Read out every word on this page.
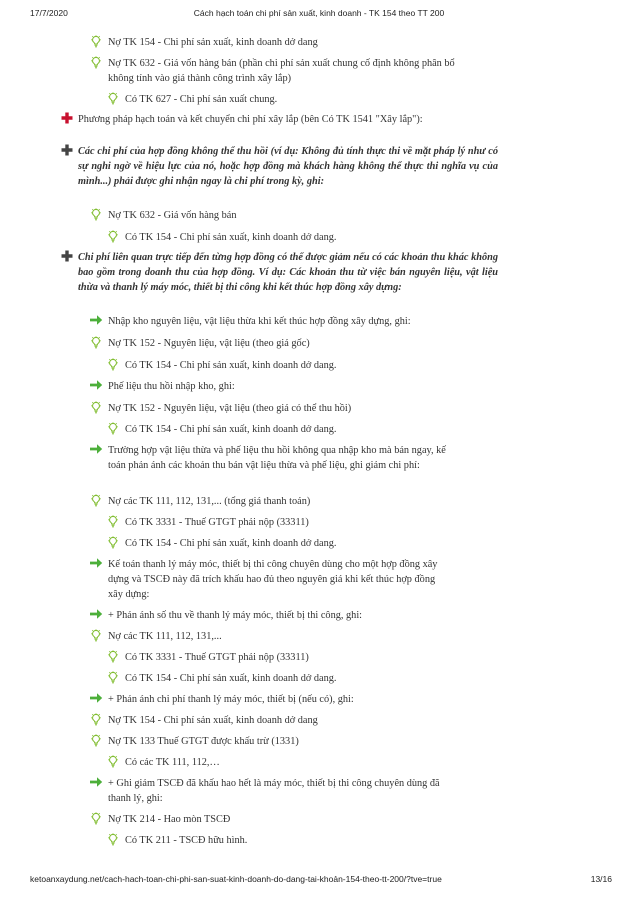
17/7/2020	Cách hạch toán chi phí sản xuất, kinh doanh - TK 154 theo TT 200
Nợ TK 154 - Chi phí sản xuất, kinh doanh dở dang
Nợ TK 632 - Giá vốn hàng bán (phần chi phí sản xuất chung cố định không phân bổ không tính vào giá thành công trình xây lắp)
Có TK 627 - Chi phí sản xuất chung.
Phương pháp hạch toán và kết chuyển chi phí xây lắp (bên Có TK 1541 "Xây lắp"):
Các chi phí của hợp đồng không thể thu hồi (ví dụ: Không đủ tính thực thi về mặt pháp lý như có sự nghi ngờ về hiệu lực của nó, hoặc hợp đồng mà khách hàng không thể thực thi nghĩa vụ của mình...) phải được ghi nhận ngay là chi phí trong kỳ, ghi:
Nợ TK 632 - Giá vốn hàng bán
Có TK 154 - Chi phí sản xuất, kinh doanh dở dang.
Chi phí liên quan trực tiếp đến từng hợp đồng có thể được giảm nếu có các khoản thu khác không bao gồm trong doanh thu của hợp đồng. Ví dụ: Các khoản thu từ việc bán nguyên liệu, vật liệu thừa và thanh lý máy móc, thiết bị thi công khi kết thúc hợp đồng xây dựng:
Nhập kho nguyên liệu, vật liệu thừa khi kết thúc hợp đồng xây dựng, ghi:
Nợ TK 152 - Nguyên liệu, vật liệu (theo giá gốc)
Có TK 154 - Chi phí sản xuất, kinh doanh dở dang.
Phế liệu thu hồi nhập kho, ghi:
Nợ TK 152 - Nguyên liệu, vật liệu (theo giá có thể thu hồi)
Có TK 154 - Chi phí sản xuất, kinh doanh dở dang.
Trường hợp vật liệu thừa và phế liệu thu hồi không qua nhập kho mà bán ngay, kế toán phản ánh các khoản thu bán vật liệu thừa và phế liệu, ghi giảm chi phí:
Nợ các TK 111, 112, 131,... (tổng giá thanh toán)
Có TK 3331 - Thuế GTGT phải nộp (33311)
Có TK 154 - Chi phí sản xuất, kinh doanh dở dang.
Kế toán thanh lý máy móc, thiết bị thi công chuyên dùng cho một hợp đồng xây dựng và TSCĐ này đã trích khấu hao đủ theo nguyên giá khi kết thúc hợp đồng xây dựng:
+ Phản ánh số thu về thanh lý máy móc, thiết bị thi công, ghi:
Nợ các TK 111, 112, 131,...
Có TK 3331 - Thuế GTGT phải nộp (33311)
Có TK 154 - Chi phí sản xuất, kinh doanh dở dang.
+ Phản ánh chi phí thanh lý máy móc, thiết bị (nếu có), ghi:
Nợ TK 154 - Chi phí sản xuất, kinh doanh dở dang
Nợ TK 133 Thuế GTGT được khấu trừ (1331)
Có các TK 111, 112,…
+ Ghi giảm TSCĐ đã khấu hao hết là máy móc, thiết bị thi công chuyên dùng đã thanh lý, ghi:
Nợ TK 214 - Hao mòn TSCĐ
Có TK 211 - TSCĐ hữu hình.
ketoanxaydung.net/cach-hach-toan-chi-phi-san-suat-kinh-doanh-do-dang-tai-khoản-154-theo-tt-200/?tve=true	13/16
